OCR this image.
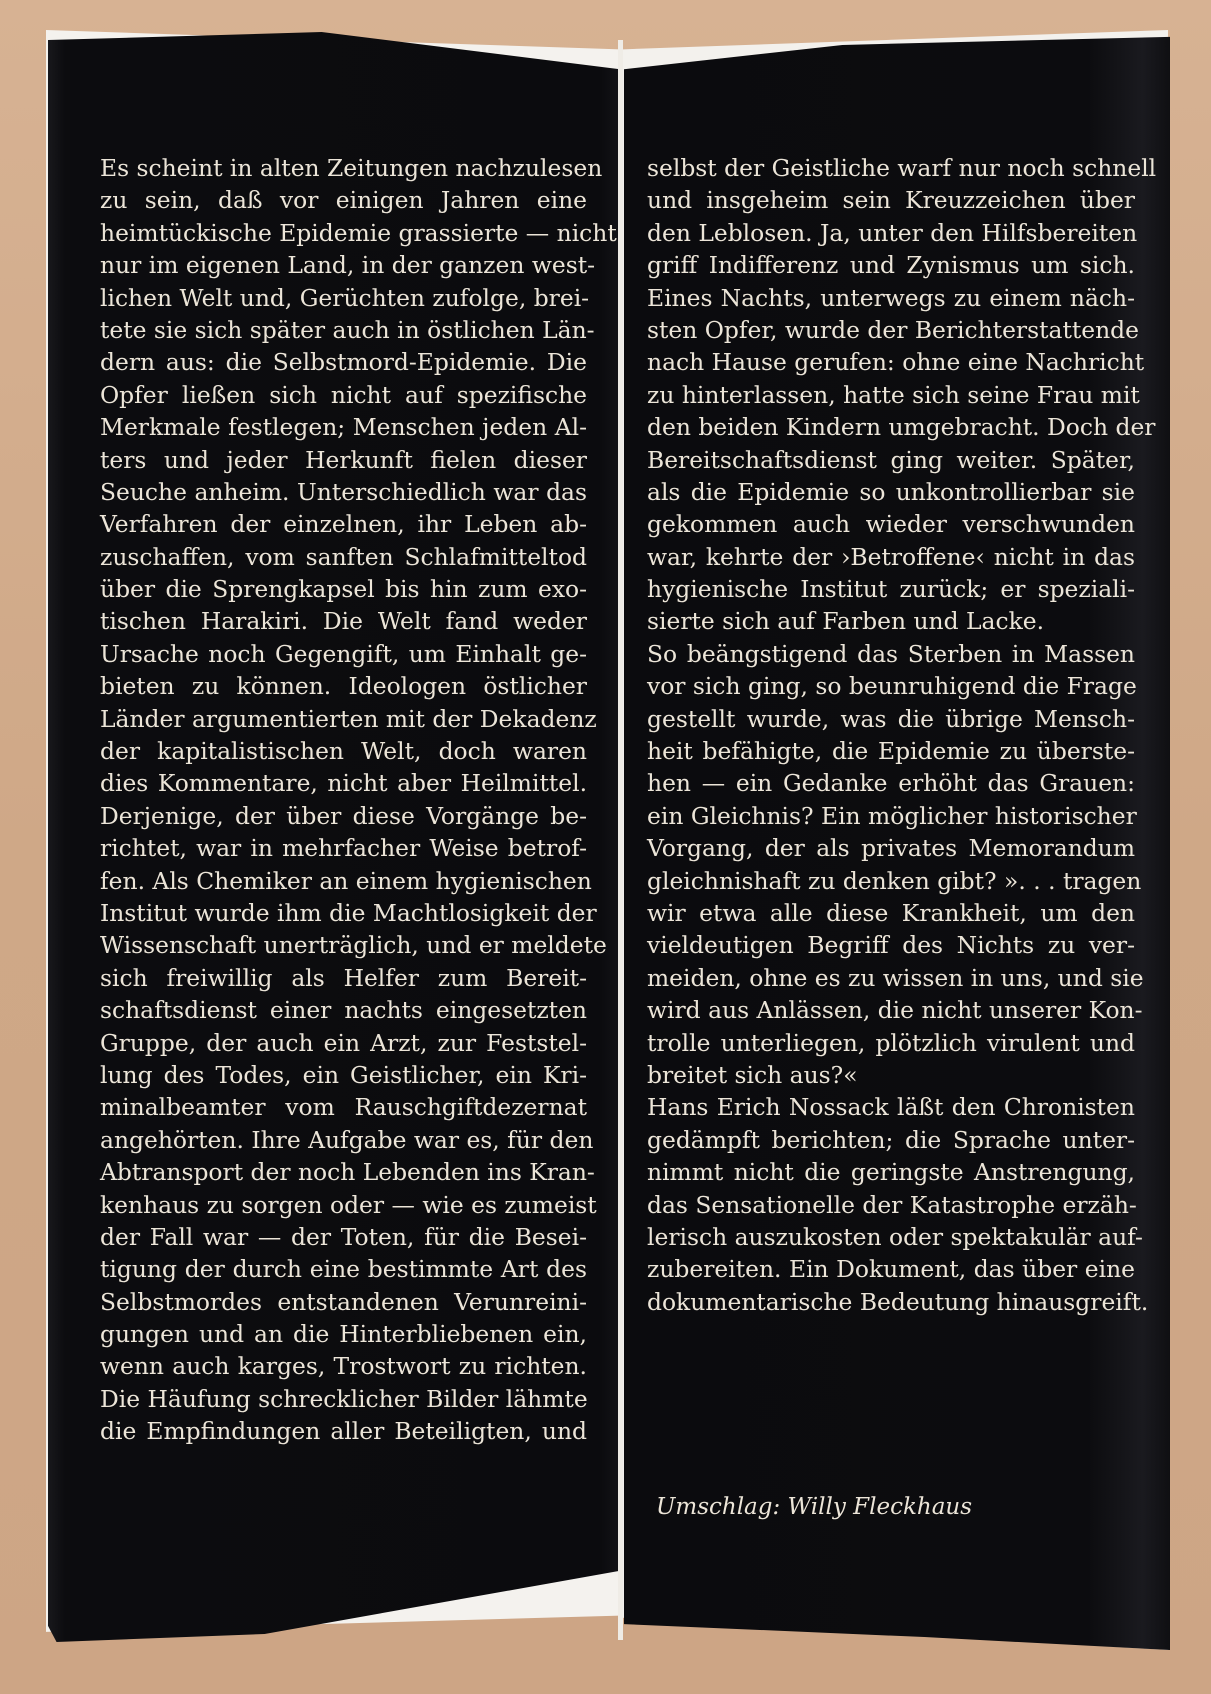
Es scheint in alten Zeitungen nachzulesen
zu sein, daß vor einigen Jahren eine
heimtückische Epidemie grassierte — nicht
nur im eigenen Land, in der ganzen west-
lichen Welt und, Gerüchten zufolge, brei-
tete sie sich später auch in östlichen Län-
dern aus: die Selbstmord-Epidemie. Die
Opfer ließen sich nicht auf spezifische
Merkmale festlegen; Menschen jeden Al-
ters und jeder Herkunft fielen dieser
Seuche anheim. Unterschiedlich war das
Verfahren der einzelnen, ihr Leben ab-
zuschaffen, vom sanften Schlafmitteltod
über die Sprengkapsel bis hin zum exo-
tischen Harakiri. Die Welt fand weder
Ursache noch Gegengift, um Einhalt ge-
bieten zu können. Ideologen östlicher
Länder argumentierten mit der Dekadenz
der kapitalistischen Welt, doch waren
dies Kommentare, nicht aber Heilmittel.
Derjenige, der über diese Vorgänge be-
richtet, war in mehrfacher Weise betrof-
fen. Als Chemiker an einem hygienischen
Institut wurde ihm die Machtlosigkeit der
Wissenschaft unerträglich, und er meldete
sich freiwillig als Helfer zum Bereit-
schaftsdienst einer nachts eingesetzten
Gruppe, der auch ein Arzt, zur Feststel-
lung des Todes, ein Geistlicher, ein Kri-
minalbeamter vom Rauschgiftdezernat
angehörten. Ihre Aufgabe war es, für den
Abtransport der noch Lebenden ins Kran-
kenhaus zu sorgen oder — wie es zumeist
der Fall war — der Toten, für die Besei-
tigung der durch eine bestimmte Art des
Selbstmordes entstandenen Verunreini-
gungen und an die Hinterbliebenen ein,
wenn auch karges, Trostwort zu richten.
Die Häufung schrecklicher Bilder lähmte
die Empfindungen aller Beteiligten, und
selbst der Geistliche warf nur noch schnell
und insgeheim sein Kreuzzeichen über
den Leblosen. Ja, unter den Hilfsbereiten
griff Indifferenz und Zynismus um sich.
Eines Nachts, unterwegs zu einem näch-
sten Opfer, wurde der Berichterstattende
nach Hause gerufen: ohne eine Nachricht
zu hinterlassen, hatte sich seine Frau mit
den beiden Kindern umgebracht. Doch der
Bereitschaftsdienst ging weiter. Später,
als die Epidemie so unkontrollierbar sie
gekommen auch wieder verschwunden
war, kehrte der ›Betroffene‹ nicht in das
hygienische Institut zurück; er speziali-
sierte sich auf Farben und Lacke.
So beängstigend das Sterben in Massen
vor sich ging, so beunruhigend die Frage
gestellt wurde, was die übrige Mensch-
heit befähigte, die Epidemie zu überste-
hen — ein Gedanke erhöht das Grauen:
ein Gleichnis? Ein möglicher historischer
Vorgang, der als privates Memorandum
gleichnishaft zu denken gibt? ». . . tragen
wir etwa alle diese Krankheit, um den
vieldeutigen Begriff des Nichts zu ver-
meiden, ohne es zu wissen in uns, und sie
wird aus Anlässen, die nicht unserer Kon-
trolle unterliegen, plötzlich virulent und
breitet sich aus?«
Hans Erich Nossack läßt den Chronisten
gedämpft berichten; die Sprache unter-
nimmt nicht die geringste Anstrengung,
das Sensationelle der Katastrophe erzäh-
lerisch auszukosten oder spektakulär auf-
zubereiten. Ein Dokument, das über eine
dokumentarische Bedeutung hinausgreift.
Umschlag: Willy Fleckhaus
